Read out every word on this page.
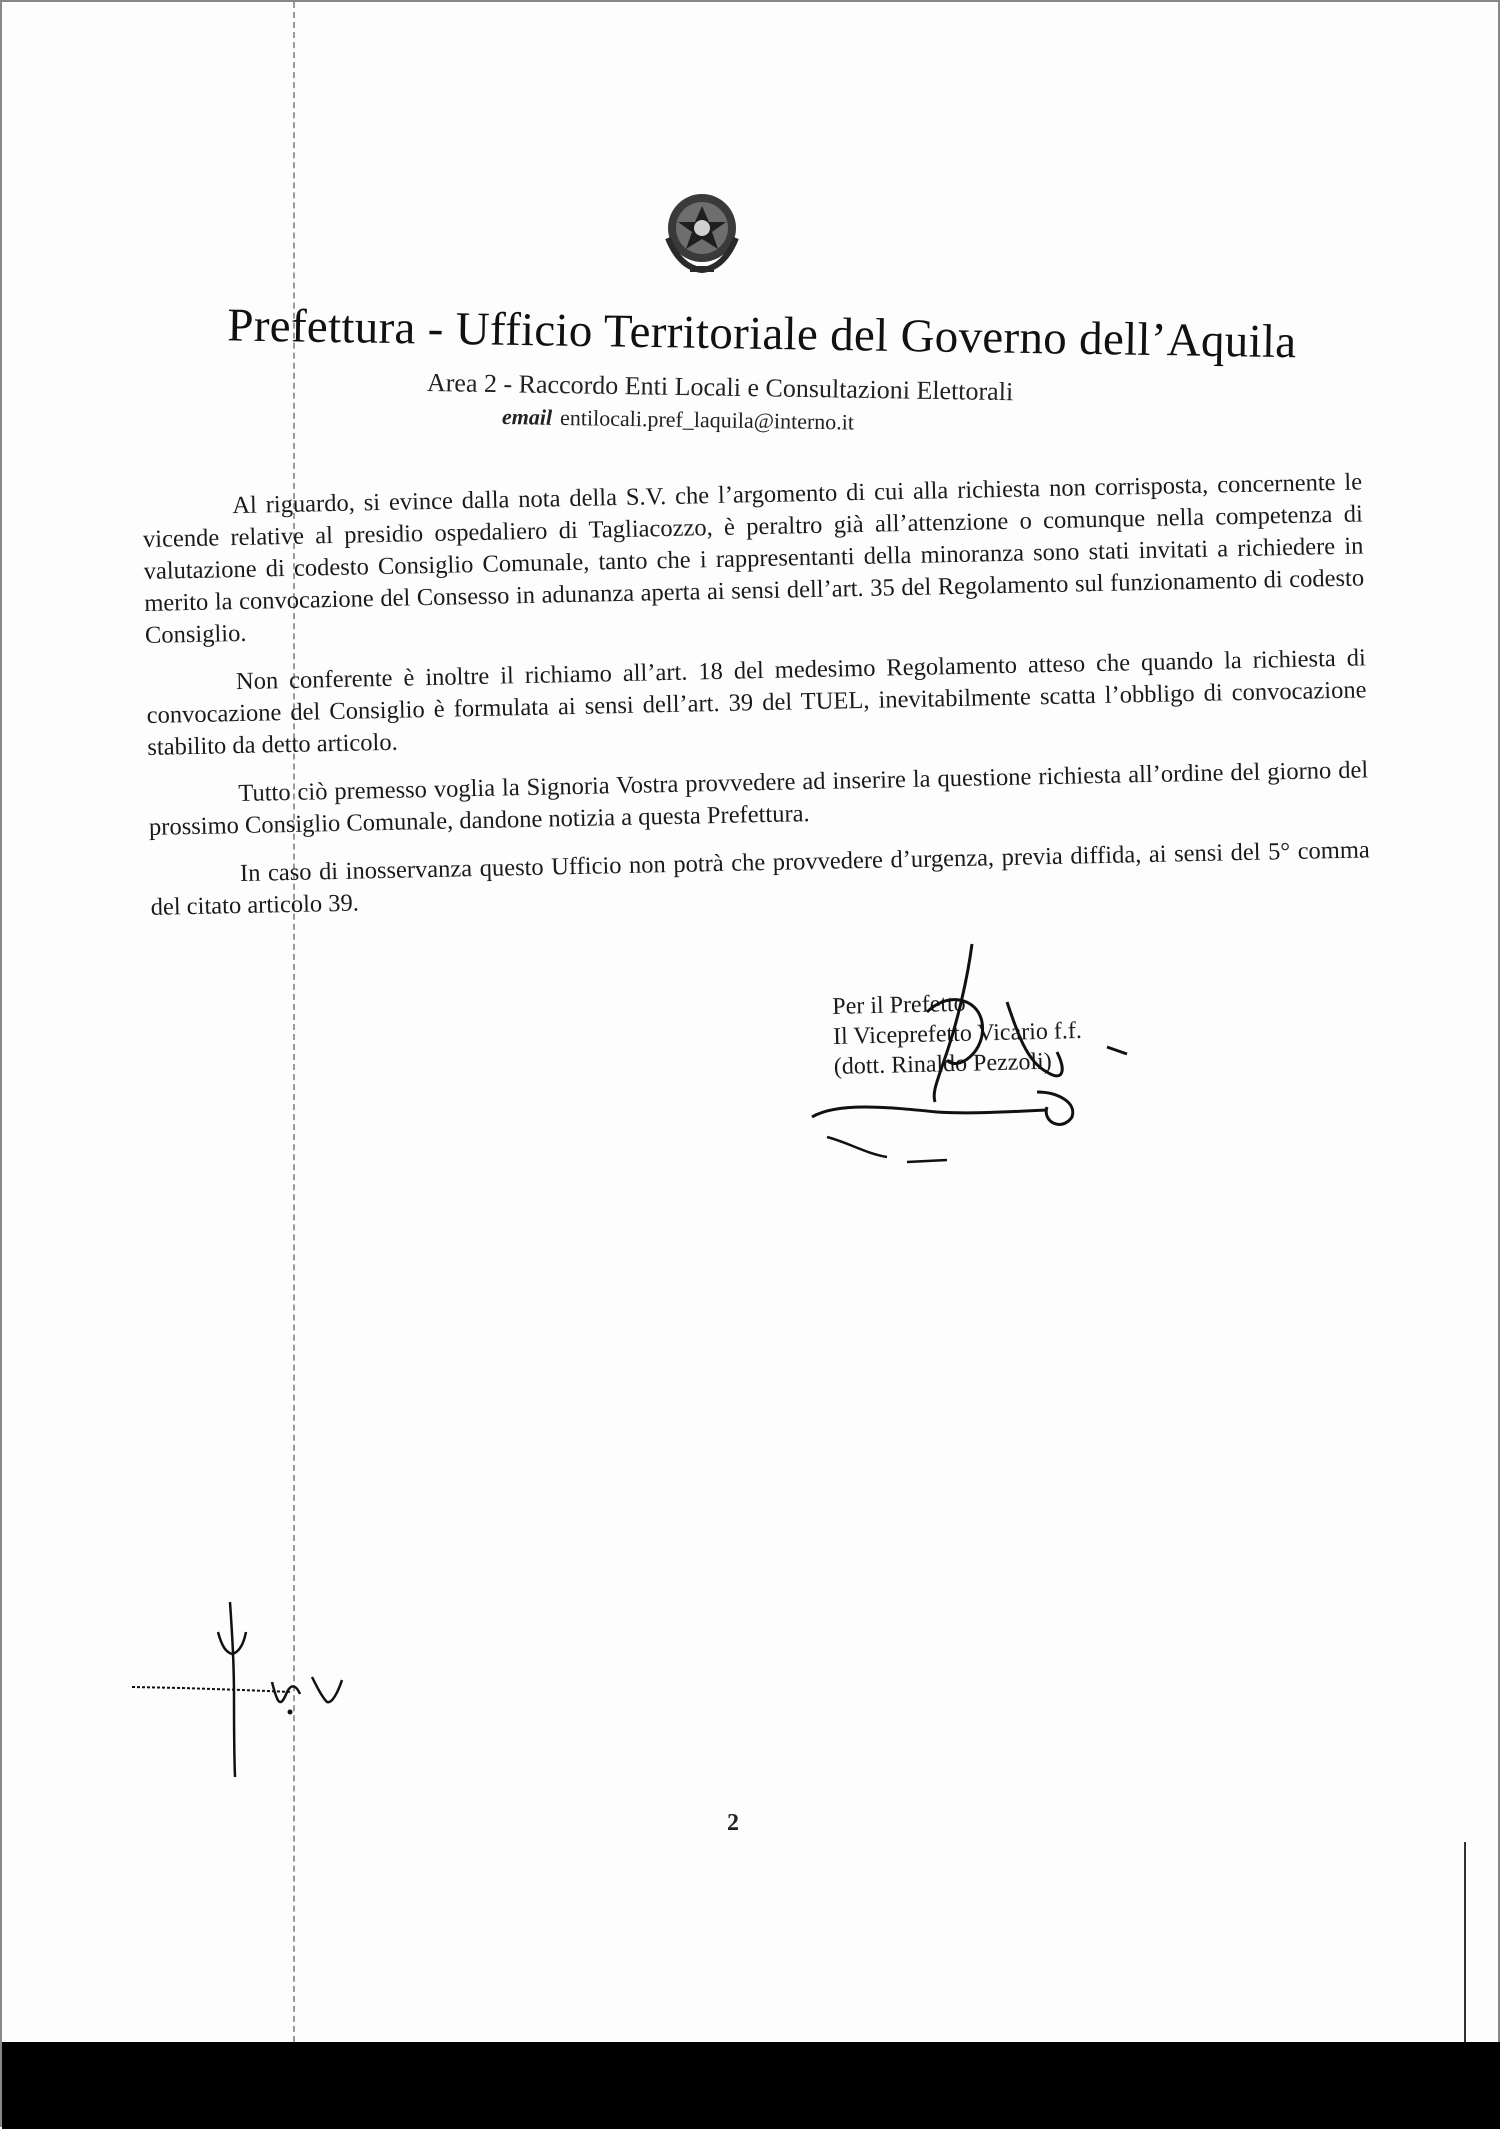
Prefettura - Ufficio Territoriale del Governo dell’Aquila
Area 2 - Raccordo Enti Locali e Consultazioni Elettorali
email entilocali.pref_laquila@interno.it

Al riguardo, si evince dalla nota della S.V. che l’argomento di cui alla richiesta non corrisposta, concernente le vicende relative al presidio ospedaliero di Tagliacozzo, è peraltro già all’attenzione o comunque nella competenza di valutazione di codesto Consiglio Comunale, tanto che i rappresentanti della minoranza sono stati invitati a richiedere in merito la convocazione del Consesso in adunanza aperta ai sensi dell’art. 35 del Regolamento sul funzionamento di codesto Consiglio.

Non conferente è inoltre il richiamo all’art. 18 del medesimo Regolamento atteso che quando la richiesta di convocazione del Consiglio è formulata ai sensi dell’art. 39 del TUEL, inevitabilmente scatta l’obbligo di convocazione stabilito da detto articolo.

Tutto ciò premesso voglia la Signoria Vostra provvedere ad inserire la questione richiesta all’ordine del giorno del prossimo Consiglio Comunale, dandone notizia a questa Prefettura.

In caso di inosservanza questo Ufficio non potrà che provvedere d’urgenza, previa diffida, ai sensi del 5° comma del citato articolo 39.

Per il Prefetto
Il Viceprefetto Vicario f.f.
(dott. Rinaldo Pezzoli)
2
